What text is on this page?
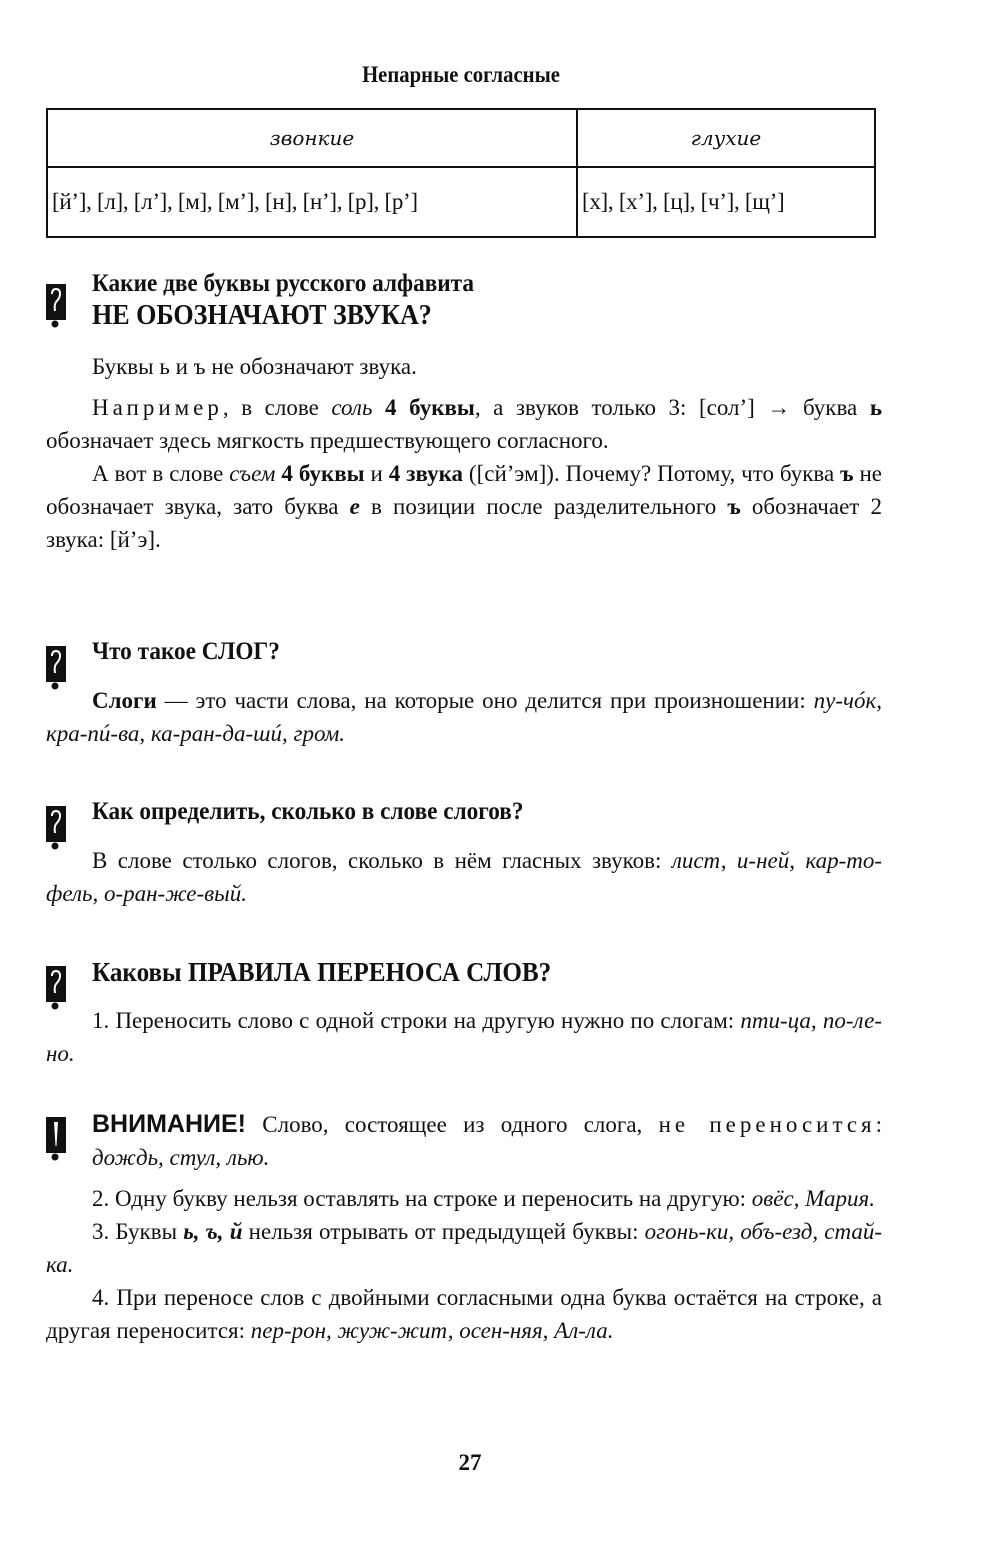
Непарные согласные
звонкие	глухие
[й’], [л], [л’], [м], [м’], [н], [н’], [р], [р’]	[х], [х’], [ц], [ч’], [щ’]
Какие две буквы русского алфавита
НЕ ОБОЗНАЧАЮТ ЗВУКА?

Буквы ь и ъ не обозначают звука.

Например, в слове соль 4 буквы, а звуков только 3: [сол’] → буква ь обозначает здесь мягкость предшествующего согласного.

А вот в слове съем 4 буквы и 4 звука ([сй’эм]). Почему? Потому, что буква ъ не обозначает звука, зато буква е в позиции после разделительного ъ обозначает 2 звука: [й’э].

Что такое СЛОГ?

Слоги — это части слова, на которые оно делится при произношении: пу-чóк, кра-пú-ва, ка-ран-да-шú, гром.

Как определить, сколько в слове слогов?

В слове столько слогов, сколько в нём гласных звуков: лист, и-ней, кар-то-фель, о-ран-же-вый.

Каковы ПРАВИЛА ПЕРЕНОСА СЛОВ?

1. Переносить слово с одной строки на другую нужно по слогам: пти-ца, по-ле-но.

ВНИМАНИЕ! Слово, состоящее из одного слога, не переносится: дождь, стул, лью.

2. Одну букву нельзя оставлять на строке и переносить на другую: овёс, Мария.

3. Буквы ь, ъ, й нельзя отрывать от предыдущей буквы: огонь-ки, объ-езд, стай-ка.

4. При переносе слов с двойными согласными одна буква остаётся на строке, а другая переносится: пер-рон, жуж-жит, осен-няя, Ал-ла.

27
